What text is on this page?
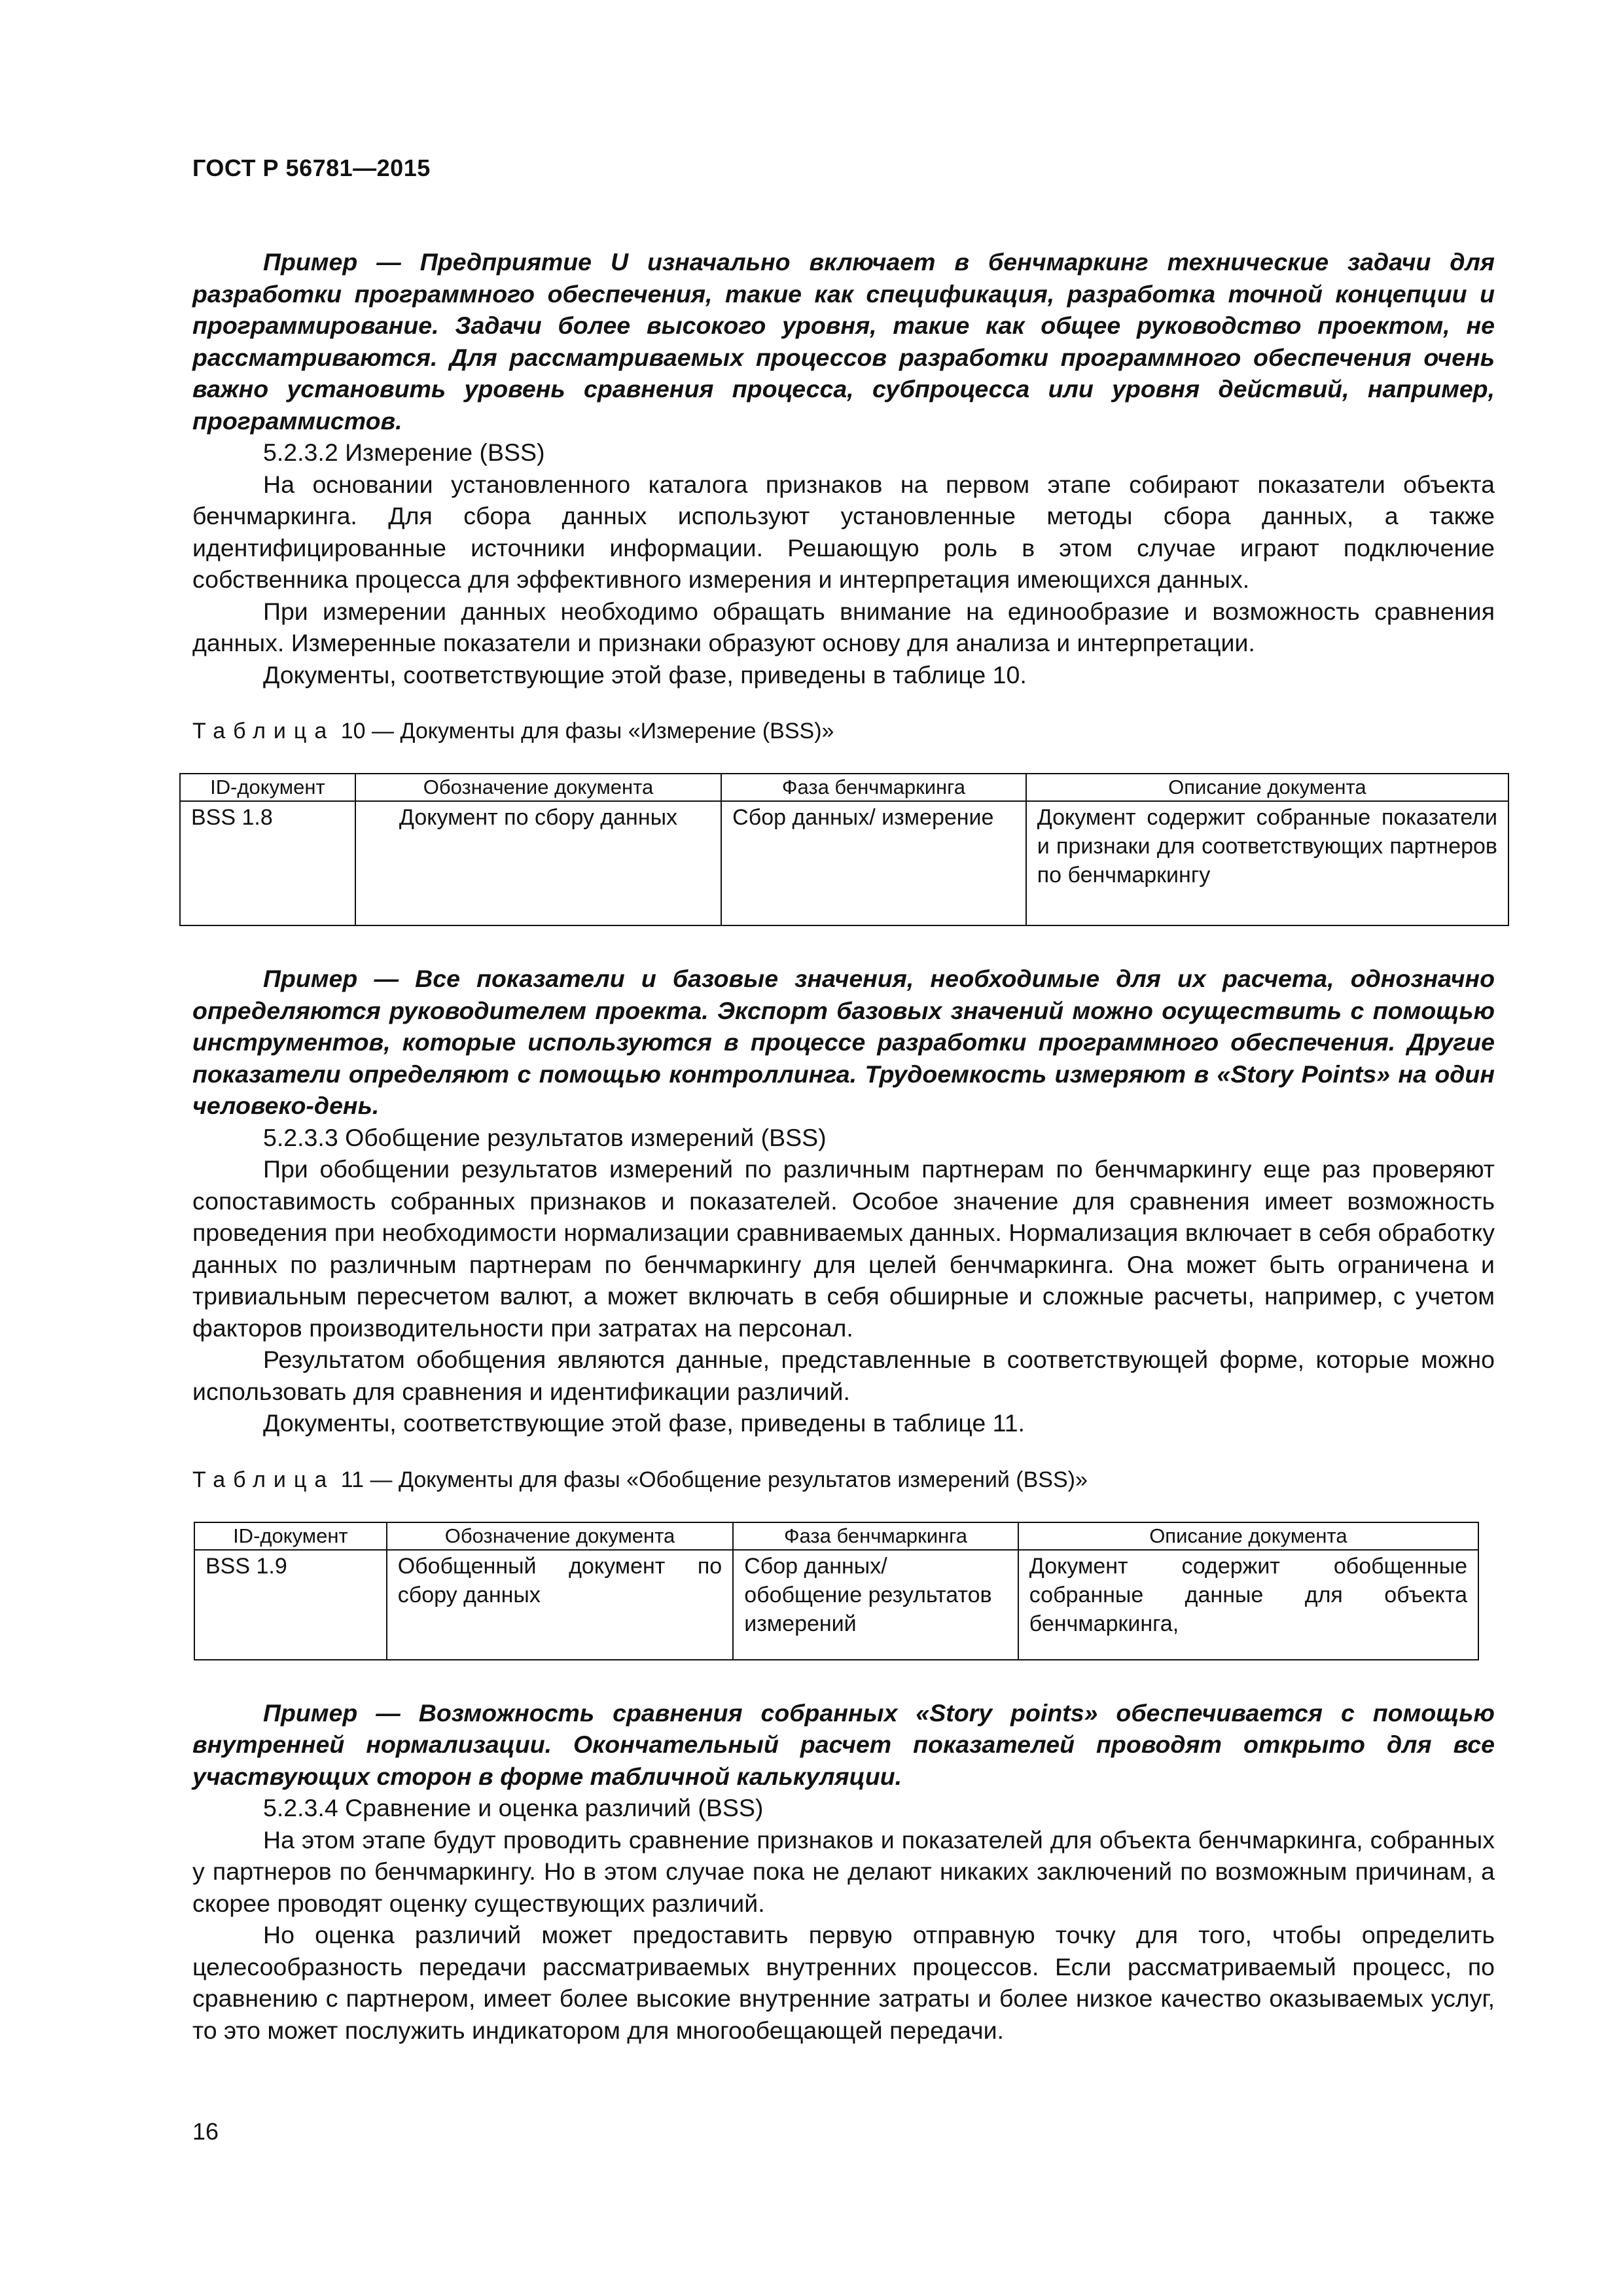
ГОСТ Р 56781—2015

Пример — Предприятие U изначально включает в бенчмаркинг технические задачи для разработки программного обеспечения, такие как спецификация, разработка точной концепции и программирование. Задачи более высокого уровня, такие как общее руководство проектом, не рассматриваются. Для рассматриваемых процессов разработки программного обеспечения очень важно установить уровень сравнения процесса, субпроцесса или уровня действий, например, программистов.

5.2.3.2 Измерение (BSS)

На основании установленного каталога признаков на первом этапе собирают показатели объекта бенчмаркинга. Для сбора данных используют установленные методы сбора данных, а также идентифицированные источники информации. Решающую роль в этом случае играют подключение собственника процесса для эффективного измерения и интерпретация имеющихся данных.

При измерении данных необходимо обращать внимание на единообразие и возможность сравнения данных. Измеренные показатели и признаки образуют основу для анализа и интерпретации.

Документы, соответствующие этой фазе, приведены в таблице 10.

Таблица 10 — Документы для фазы «Измерение (BSS)»
ID-документ	Обозначение документа	Фаза бенчмаркинга	Описание документа
BSS 1.8	Документ по сбору данных	Сбор данных/ измерение	Документ содержит собранные показатели и признаки для соответствующих партнеров по бенчмаркингу

Пример — Все показатели и базовые значения, необходимые для их расчета, однозначно определяются руководителем проекта. Экспорт базовых значений можно осуществить с помощью инструментов, которые используются в процессе разработки программного обеспечения. Другие показатели определяют с помощью контроллинга. Трудоемкость измеряют в «Story Points» на один человеко-день.

5.2.3.3 Обобщение результатов измерений (BSS)

При обобщении результатов измерений по различным партнерам по бенчмаркингу еще раз проверяют сопоставимость собранных признаков и показателей. Особое значение для сравнения имеет возможность проведения при необходимости нормализации сравниваемых данных. Нормализация включает в себя обработку данных по различным партнерам по бенчмаркингу для целей бенчмаркинга. Она может быть ограничена и тривиальным пересчетом валют, а может включать в себя обширные и сложные расчеты, например, с учетом факторов производительности при затратах на персонал.

Результатом обобщения являются данные, представленные в соответствующей форме, которые можно использовать для сравнения и идентификации различий.

Документы, соответствующие этой фазе, приведены в таблице 11.

Таблица 11 — Документы для фазы «Обобщение результатов измерений (BSS)»
ID-документ	Обозначение документа	Фаза бенчмаркинга	Описание документа
BSS 1.9	Обобщенный документ по сбору данных	Сбор данных/ обобщение результатов измерений	Документ содержит обобщенные собранные данные для объекта бенчмаркинга,

Пример — Возможность сравнения собранных «Story points» обеспечивается с помощью внутренней нормализации. Окончательный расчет показателей проводят открыто для все участвующих сторон в форме табличной калькуляции.

5.2.3.4 Сравнение и оценка различий (BSS)

На этом этапе будут проводить сравнение признаков и показателей для объекта бенчмаркинга, собранных у партнеров по бенчмаркингу. Но в этом случае пока не делают никаких заключений по возможным причинам, а скорее проводят оценку существующих различий.

Но оценка различий может предоставить первую отправную точку для того, чтобы определить целесообразность передачи рассматриваемых внутренних процессов. Если рассматриваемый процесс, по сравнению с партнером, имеет более высокие внутренние затраты и более низкое качество оказываемых услуг, то это может послужить индикатором для многообещающей передачи.

16
